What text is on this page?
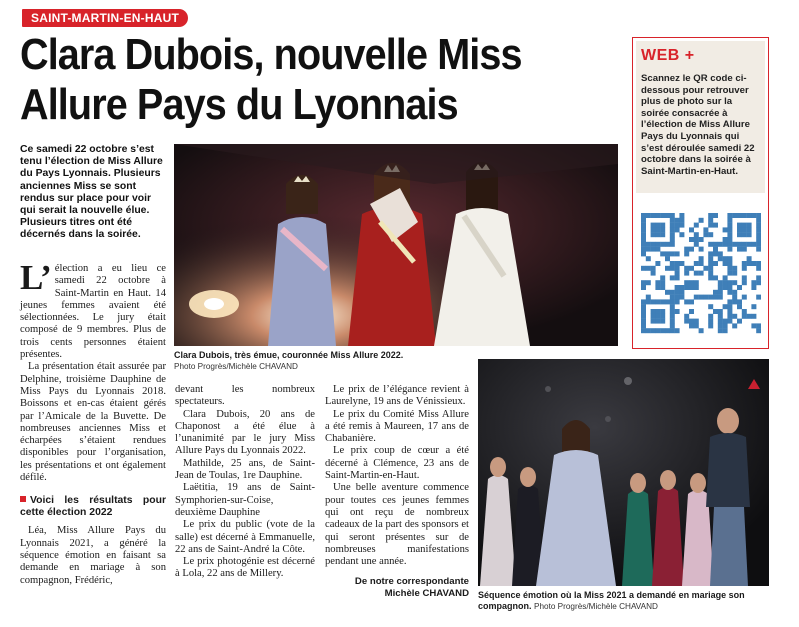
SAINT-MARTIN-EN-HAUT
Clara Dubois, nouvelle Miss Allure Pays du Lyonnais
WEB +
Scannez le QR code ci-dessous pour retrouver plus de photo sur la soirée consacrée à l’élection de Miss Allure Pays du Lyonnais qui s’est déroulée samedi 22 octobre dans la soirée à Saint-Martin-en-Haut.
Ce samedi 22 octobre s’est tenu l’élection de Miss Allure du Pays Lyonnais. Plusieurs anciennes Miss se sont rendus sur place pour voir qui serait la nouvelle élue. Plusieurs titres ont été décernés dans la soirée.

L’ élection a eu lieu ce samedi 22 octobre à Saint-Martin en Haut. 14 jeunes femmes avaient été sélectionnées. Le jury était composé de 9 membres. Plus de trois cents personnes étaient présentes.

La présentation était assurée par Delphine, troisième Dauphine de Miss Pays du Lyonnais 2018. Boissons et en-cas étaient gérés par l’Amicale de la Buvette. De nombreuses anciennes Miss et écharpées s’étaient rendues disponibles pour l’organisation, les présentations et ont également défilé.

Voici les résultats pour cette élection 2022

Léa, Miss Allure Pays du Lyonnais 2021, a généré la séquence émotion en faisant sa demande en mariage à son compagnon, Frédéric,

devant les nombreux spectateurs.

Clara Dubois, 20 ans de Chaponost a été élue à l’unanimité par le jury Miss Allure Pays du Lyonnais 2022.

Mathilde, 25 ans, de Saint-Jean de Toulas, 1re Dauphine.

Laëtitia, 19 ans de Saint-Symphorien-sur-Coise, deuxième Dauphine

Le prix du public (vote de la salle) est décerné à Emmanuelle, 22 ans de Saint-André la Côte.

Le prix photogénie est décerné à Lola, 22 ans de Millery.

Le prix de l’élégance revient à Laurelyne, 19 ans de Vénissieux.

Le prix du Comité Miss Allure a été remis à Maureen, 17 ans de Chabanière.

Le prix coup de cœur a été décerné à Clémence, 23 ans de Saint-Martin-en-Haut.

Une belle aventure commence pour toutes ces jeunes femmes qui ont reçu de nombreux cadeaux de la part des sponsors et qui seront présentes sur de nombreuses manifestations pendant une année.

De notre correspondante
Michèle CHAVAND
Clara Dubois, très émue, couronnée Miss Allure 2022.
Photo Progrès/Michèle CHAVAND
Séquence émotion où la Miss 2021 a demandé en mariage son compagnon. Photo Progrès/Michèle CHAVAND
